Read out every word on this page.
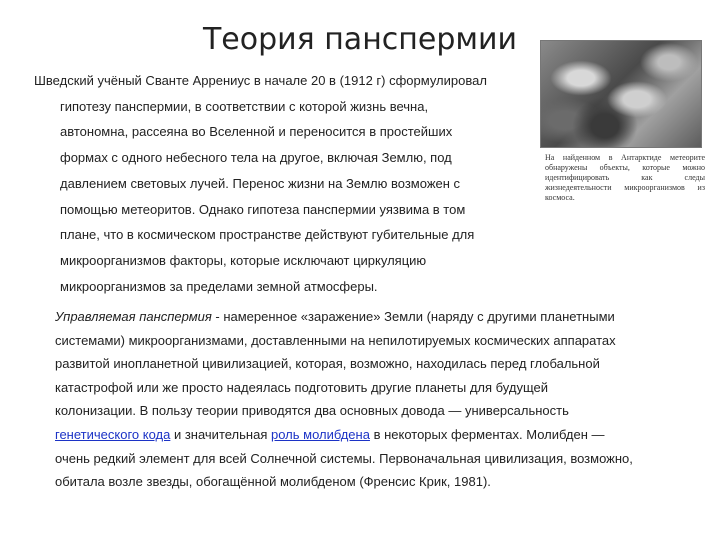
Теория панспермии
Шведский учёный Сванте Аррениус в начале 20 в (1912 г) сформулировал
гипотезу панспермии, в соответствии с которой жизнь вечна,
автономна, рассеяна во Вселенной и переносится в простейших
формах с одного небесного тела на другое, включая Землю, под
давлением световых лучей. Перенос жизни на Землю возможен с
помощью метеоритов. Однако гипотеза панспермии уязвима в том
плане, что в космическом пространстве действуют губительные для
микроорганизмов факторы, которые исключают циркуляцию
микроорганизмов за пределами земной атмосферы.
На найденном в Антарктиде метеорите обнаружены объекты, которые можно идентифицировать как следы жизнедеятельности микроорганизмов из космоса.
Управляемая панспермия - намеренное «заражение» Земли (наряду с другими планетными
системами) микроорганизмами, доставленными на непилотируемых космических аппаратах
развитой инопланетной цивилизацией, которая, возможно, находилась перед глобальной
катастрофой или же просто надеялась подготовить другие планеты для будущей
колонизации. В пользу теории приводятся два основных довода — универсальность
генетического кода и значительная роль молибдена в некоторых ферментах. Молибден —
очень редкий элемент для всей Солнечной системы. Первоначальная цивилизация, возможно,
обитала возле звезды, обогащённой молибденом (Френсис Крик, 1981).
